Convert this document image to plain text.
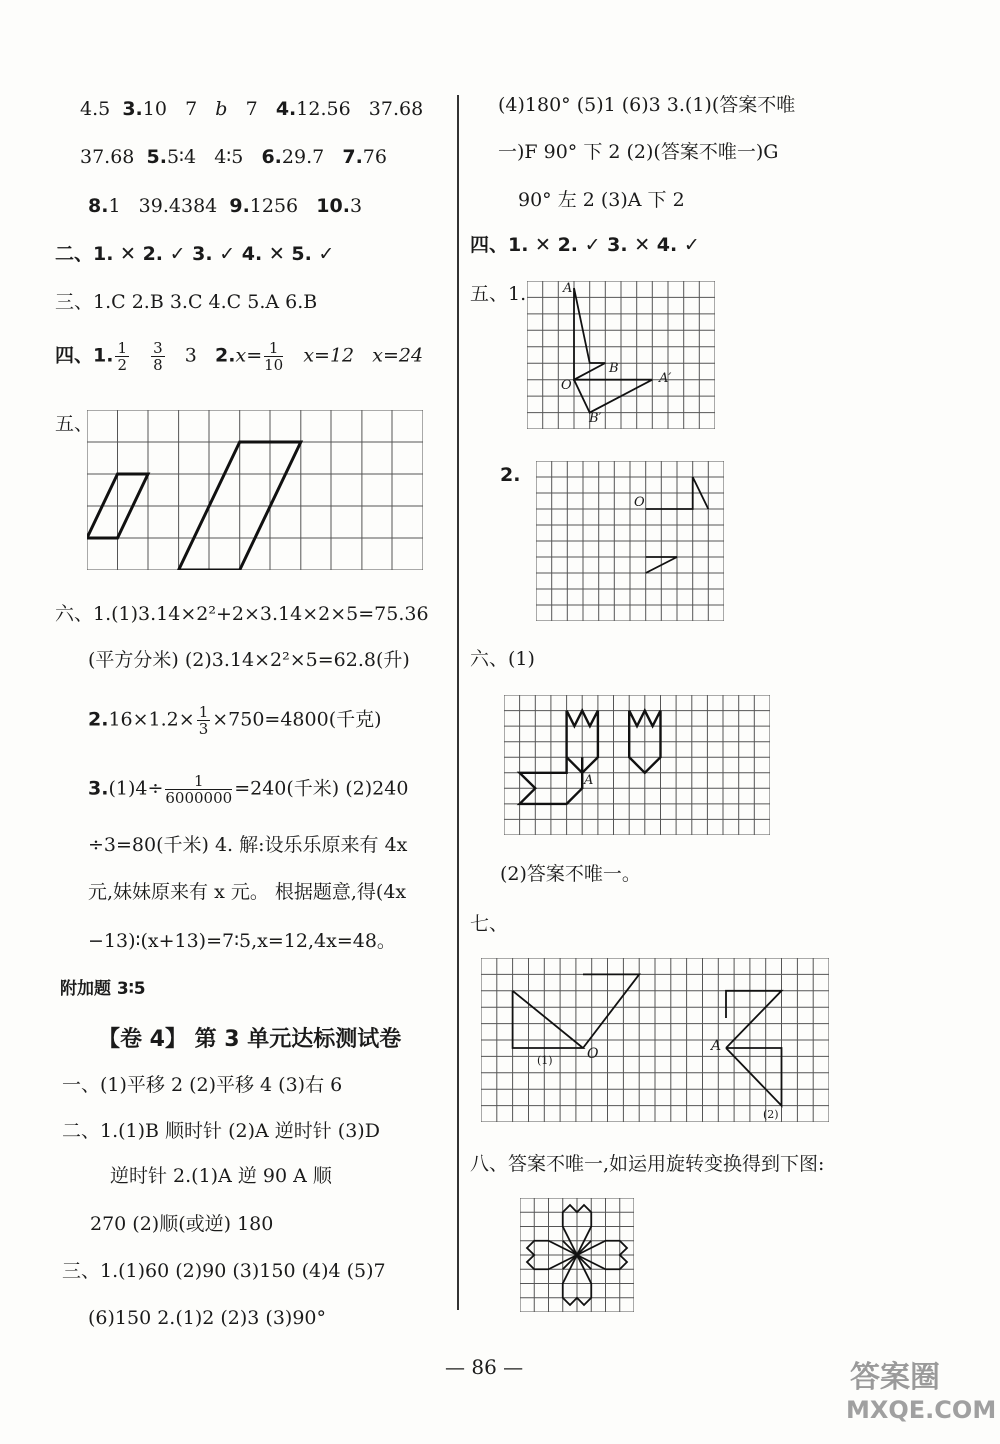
4.5 3.10 7 b 7 4.12.56 37.68
37.68 5.5∶4 4∶5 6.29.7 7.76
8.1 39.4384 9.1256 10.3
二、1. ✕ 2. ✓ 3. ✓ 4. ✕ 5. ✓
三、1.C 2.B 3.C 4.C 5.A 6.B
四、1. $\frac{1}{2}$
$\frac{3}{8} 3$ $2.x= \frac{1}{10} x=12$ x=24
五、
六、1.(1)3.14×2²+2×3.14×2×5=75.36
(平方分米) (2)3.14×2²×5=62.8(升)
$2.16\times 1.2\times \frac{1}{3} \times 750=4800$(千克)
$3.(1)4\div \frac{1}{6000000} =240$(千米) (2)240
÷3=80(千米) 4. 解:设乐乐原来有 4x
元,妹妹原来有 x 元。 根据题意,得(4x
−13)∶(x+13)=7∶5,x=12,4x=48。
附加题 3∶5
【卷 4】 第 3 单元达标测试卷
一、(1)平移 2 (2)平移 4 (3)右 6
二、1.(1)B 顺时针 (2)A 逆时针 (3)D
逆时针 2.(1)A 逆 90 A 顺
270 (2)顺(或逆) 180
三、1.(1)60 (2)90 (3)150 (4)4 (5)7
(6)150 2.(1)2 (2)3 (3)90°
(4)180° (5)1 (6)3 3.(1)(答案不唯
一)F 90° 下 2 (2)(答案不唯一)G
90° 左 2 (3)A 下 2
四、1. ✕ 2. ✓ 3. ✕ 4. ✓
五、1.	A
B
O	A′
B′
2.
O
六、(1)
A
(2)答案不唯一。
七、
(1) O	A
(2)
八、答案不唯一,如运用旋转变换得到下图:
— 86 —	答案圈
MXQE.COM
